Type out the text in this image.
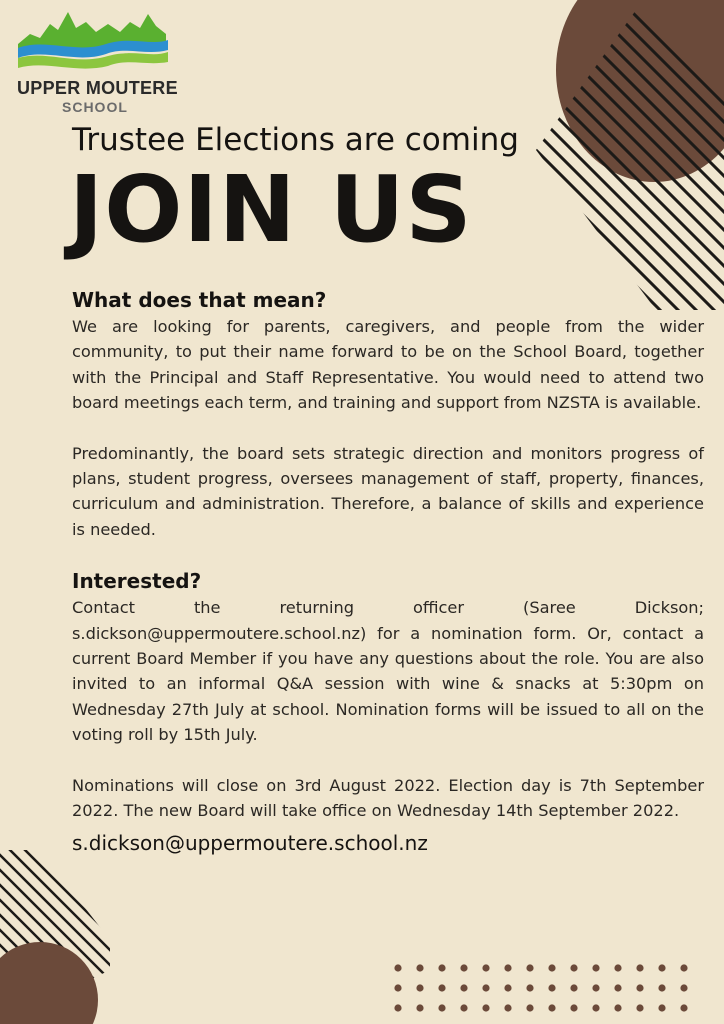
UPPER MOUTERE
SCHOOL
Trustee Elections are coming
JOIN US
What does that mean?

We are looking for parents, caregivers, and people from the wider community, to put their name forward to be on the School Board, together with the Principal and Staff Representative. You would need to attend two board meetings each term, and training and support from NZSTA is available.

Predominantly, the board sets strategic direction and monitors progress of plans, student progress, oversees management of staff, property, finances, curriculum and administration. Therefore, a balance of skills and experience is needed.

Interested?

Contact the returning officer (Saree Dickson; s.dickson@uppermoutere.school.nz) for a nomination form. Or, contact a current Board Member if you have any questions about the role. You are also invited to an informal Q&A session with wine & snacks at 5:30pm on Wednesday 27th July at school. Nomination forms will be issued to all on the voting roll by 15th July.

Nominations will close on 3rd August 2022. Election day is 7th September 2022. The new Board will take office on Wednesday 14th September 2022.

s.dickson@uppermoutere.school.nz
